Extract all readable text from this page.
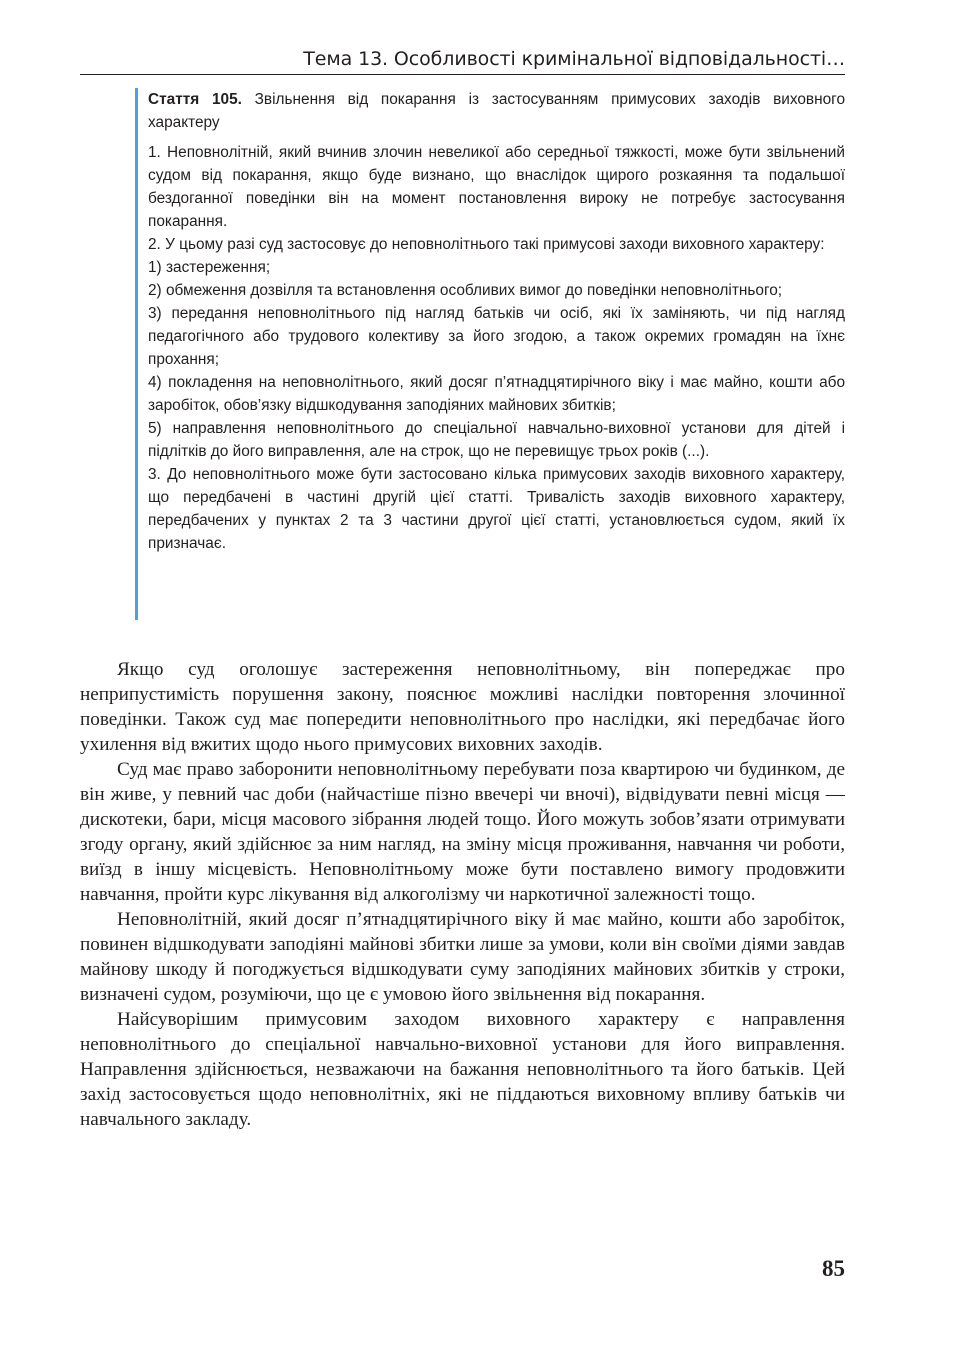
Тема 13. Особливості кримінальної відповідальності…

Стаття 105. Звільнення від покарання із застосуванням примусових заходів виховного характеру

1. Неповнолітній, який вчинив злочин невеликої або середньої тяжкості, може бути звільнений судом від покарання, якщо буде визнано, що внаслідок щирого розкаяння та подальшої бездоганної поведінки він на момент постановлення вироку не потребує застосування покарання.

2. У цьому разі суд застосовує до неповнолітнього такі примусові заходи виховного характеру:

1) застереження;

2) обмеження дозвілля та встановлення особливих вимог до поведінки неповнолітнього;

3) передання неповнолітнього під нагляд батьків чи осіб, які їх заміняють, чи під нагляд педагогічного або трудового колективу за його згодою, а також окремих громадян на їхнє прохання;

4) покладення на неповнолітнього, який досяг п’ятнадцятирічного віку і має майно, кошти або заробіток, обов’язку відшкодування заподіяних майнових збитків;

5) направлення неповнолітнього до спеціальної навчально-виховної установи для дітей і підлітків до його виправлення, але на строк, що не перевищує трьох років (...).

3. До неповнолітнього може бути застосовано кілька примусових заходів виховного характеру, що передбачені в частині другій цієї статті. Тривалість заходів виховного характеру, передбачених у пунктах 2 та 3 частини другої цієї статті, установлюється судом, який їх призначає.

Якщо суд оголошує застереження неповнолітньому, він попереджає про неприпустимість порушення закону, пояснює можливі наслідки повторення злочинної поведінки. Також суд має попередити неповнолітнього про наслідки, які передбачає його ухилення від вжитих щодо нього примусових виховних заходів.

Суд має право заборонити неповнолітньому перебувати поза квартирою чи будинком, де він живе, у певний час доби (найчастіше пізно ввечері чи вночі), відвідувати певні місця — дискотеки, бари, місця масового зібрання людей тощо. Його можуть зобов’язати отримувати згоду органу, який здійснює за ним нагляд, на зміну місця проживання, навчання чи роботи, виїзд в іншу місцевість. Неповнолітньому може бути поставлено вимогу продовжити навчання, пройти курс лікування від алкоголізму чи наркотичної залежності тощо.

Неповнолітній, який досяг п’ятнадцятирічного віку й має майно, кошти або заробіток, повинен відшкодувати заподіяні майнові збитки лише за умови, коли він своїми діями завдав майнову шкоду й погоджується відшкодувати суму заподіяних майнових збитків у строки, визначені судом, розуміючи, що це є умовою його звільнення від покарання.

Найсуворішим примусовим заходом виховного характеру є направлення неповнолітнього до спеціальної навчально-виховної установи для його виправлення. Направлення здійснюється, незважаючи на бажання неповнолітнього та його батьків. Цей захід застосовується щодо неповнолітніх, які не піддаються виховному впливу батьків чи навчального закладу.

85
